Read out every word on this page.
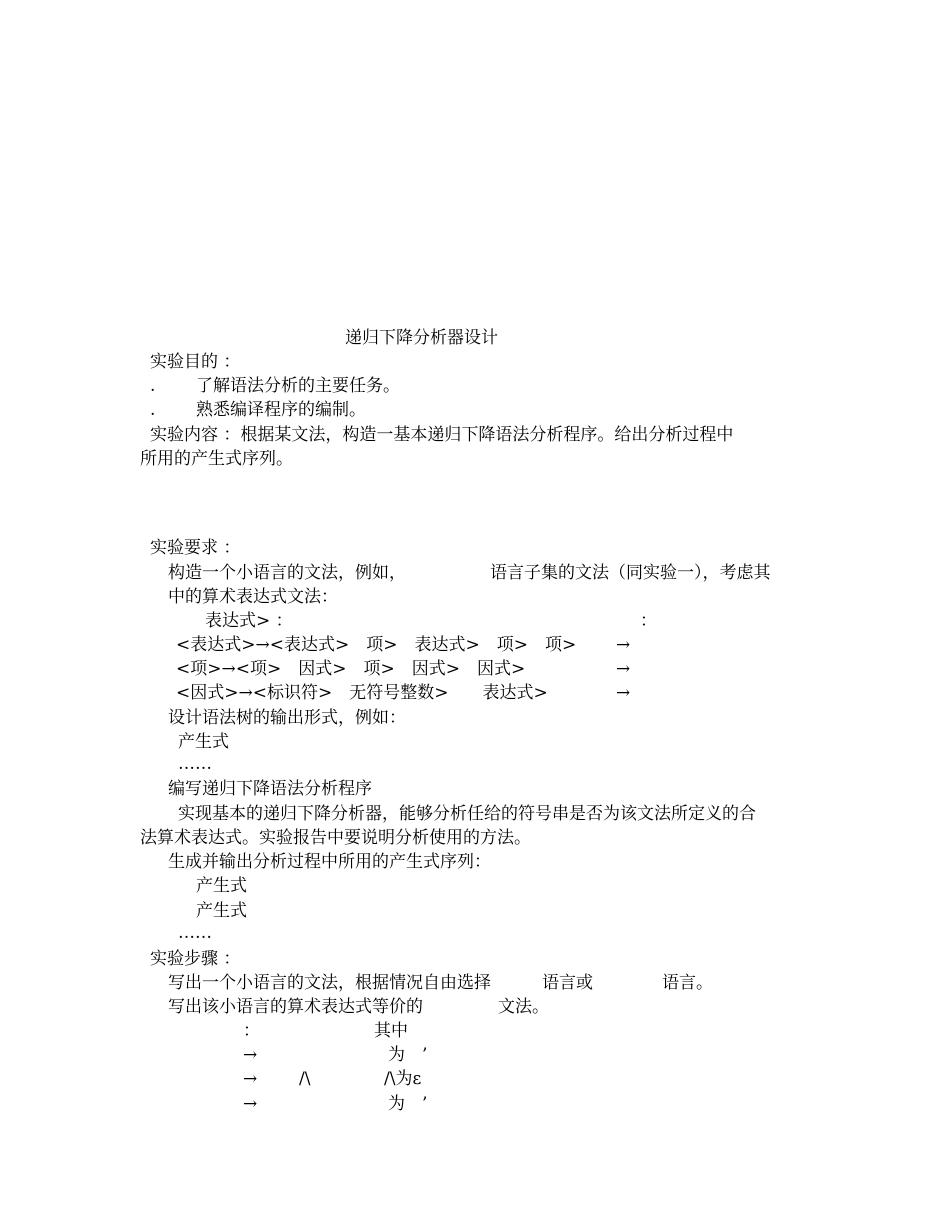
递归下降分析器设计
实验目的 ：
. 了解语法分析的主要任务。
. 熟悉编译程序的编制。
实验内容 ：根据某文法，构造一基本递归下降语法分析程序。给出分析过程中
所用的产生式序列。
实验要求 ：
构造一个小语言的文法，例如，	语言子集的文法（同实验一），考虑其
中的算术表达式文法：
表达式> ：	：
<表达式>→<表达式>　项>　表达式>　项>　项> →
<项>→<项>　因式>　项>　因式>　因式>	→
<因式>→<标识符>　无符号整数>　　表达式>	→
设计语法树的输出形式，例如：
产生式
……
编写递归下降语法分析程序
实现基本的递归下降分析器，能够分析任给的符号串是否为该文法所定义的合
法算术表达式。实验报告中要说明分析使用的方法。
生成并输出分析过程中所用的产生式序列：
产生式
产生式
……
实验步骤 ：
写出一个小语言的文法，根据情况自由选择	语言或	语言。
写出该小语言的算术表达式等价的	文法。
：	其中
→	为　’
→ /\	/\为ε
→	为　’
